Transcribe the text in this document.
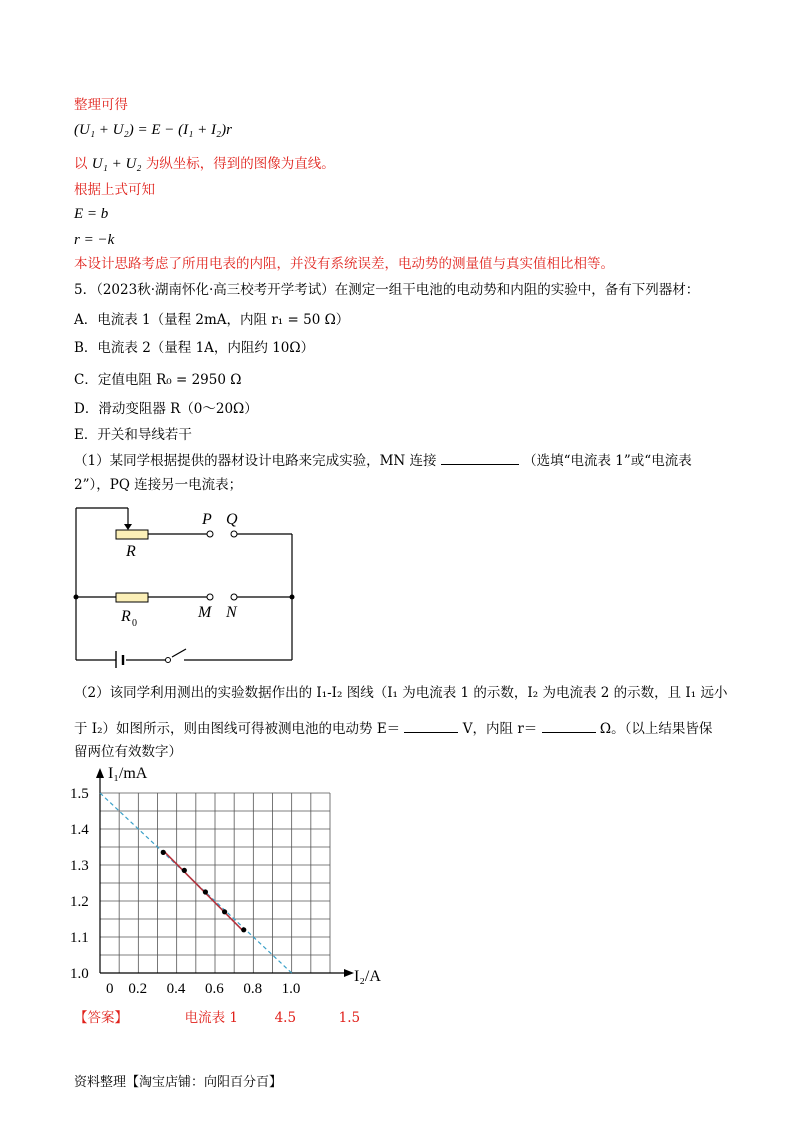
整理可得
(U₁ + U₂) = E − (I₁ + I₂)r
以 U₁ + U₂ 为纵坐标，得到的图像为直线。
根据上式可知
E = b
r = −k
本设计思路考虑了所用电表的内阻，并没有系统误差，电动势的测量值与真实值相比相等。
5．（2023秋·湖南怀化·高三校考开学考试）在测定一组干电池的电动势和内阻的实验中，备有下列器材：
A．电流表 1（量程 2mA，内阻 r₁ = 50 Ω）
B．电流表 2（量程 1A，内阻约 10Ω）
C．定值电阻 R₀ = 2950 Ω
D．滑动变阻器 R（0～20Ω）
E．开关和导线若干
（1）某同学根据提供的器材设计电路来完成实验，MN 连接	（选填“电流表 1”或“电流表
2”），PQ 连接另一电流表；
R
R 0
P Q
M N
（2）该同学利用测出的实验数据作出的 I₁-I₂ 图线（I₁ 为电流表 1 的示数，I₂ 为电流表 2 的示数，且 I₁ 远小
于 I₂）如图所示，则由图线可得被测电池的电动势 E＝	V，内阻 r＝	Ω。（以上结果皆保
留两位有效数字）
1.0
1.1
1.2
1.3
1.4
1.5
0 0.2 0.4 0.6 0.8 1.0
I₁/mA
I₂/A
【答案】	电流表 1	4.5	1.5
资料整理【淘宝店铺：向阳百分百】
